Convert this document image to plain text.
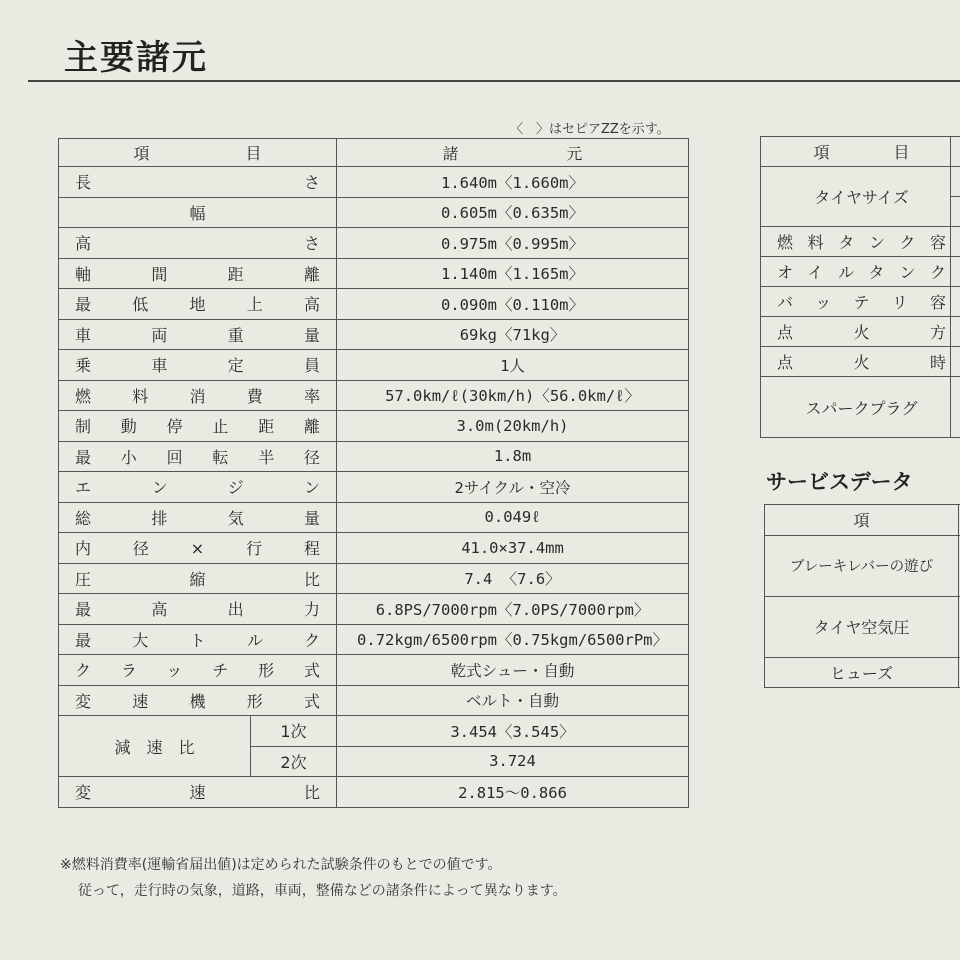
主要諸元
〈　〉はセピアZZを示す。
項　　　　　　目		諸　　　　　　　元
長さ		1.640m〈1.660m〉
幅		0.605m〈0.635m〉
高さ		0.975m〈0.995m〉
軸間距離		1.140m〈1.165m〉
最低地上高		0.090m〈0.110m〉
車両重量		69kg〈71kg〉
乗車定員		1人
燃料消費率		57.0km/ℓ(30km/h)〈56.0km/ℓ〉
制動停止距離		3.0m(20km/h)
最小回転半径		1.8m
エンジン		2サイクル・空冷
総排気量		0.049ℓ
内径×行程		41.0×37.4mm
圧縮比		7.4 〈7.6〉
最高出力		6.8PS/7000rpm〈7.0PS/7000rpm〉
最大トルク		0.72kgm/6500rpm〈0.75kgm/6500rPm〉
クラッチ形式		乾式シュー・自動
変速機形式		ベルト・自動
減　速　比	1次	3.454〈3.545〉
	2次	3.724
変速比		2.815～0.866
項　　　　目	
タイヤサイズ	

燃料タンク容	
オイルタンク	
バッテリ容	
点火方	
点火時	
スパークプラグ	
サービスデータ
項	
ブレーキレバーの遊び	
タイヤ空気圧	
ヒューズ	
※燃料消費率(運輸省届出値)は定められた試験条件のもとでの値です。
従って，走行時の気象，道路，車両，整備などの諸条件によって異なります。
